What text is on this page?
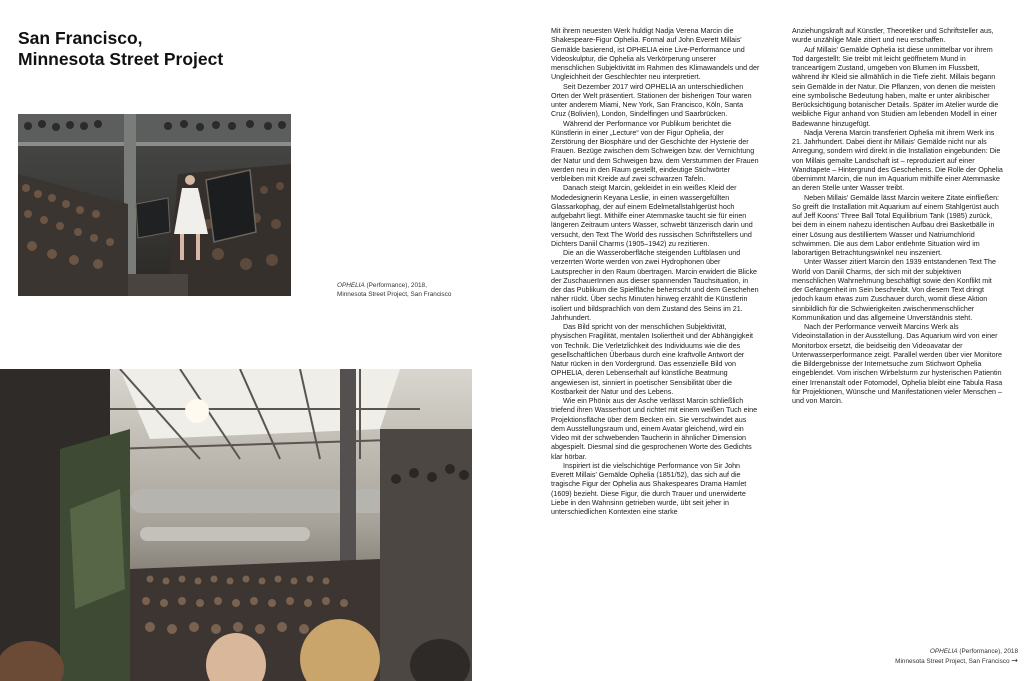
San Francisco,
Minnesota Street Project
OPHELIA (Performance), 2018,
Minnesota Street Project, San Francisco

Mit ihrem neuesten Werk huldigt Nadja Verena Marcin die Shakespeare-Figur Ophelia. Formal auf John Everett Millais' Gemälde basierend, ist OPHELIA eine Live-Performance und Videoskulptur, die Ophelia als Verkörperung unserer menschlichen Subjektivität im Rahmen des Klimawandels und der Ungleichheit der Geschlechter neu interpretiert.

Seit Dezember 2017 wird OPHELIA an unterschiedlichen Orten der Welt präsentiert. Stationen der bisherigen Tour waren unter anderem Miami, New York, San Francisco, Köln, Santa Cruz (Bolivien), London, Sindelfingen und Saarbrücken.

Während der Performance vor Publikum berichtet die Künstlerin in einer „Lecture“ von der Figur Ophelia, der Zerstörung der Biosphäre und der Geschichte der Hysterie der Frauen. Bezüge zwischen dem Schweigen bzw. der Vernichtung der Natur und dem Schweigen bzw. dem Verstummen der Frauen werden neu in den Raum gestellt, eindeutige Stichwörter verbleiben mit Kreide auf zwei schwarzen Tafeln.

Danach steigt Marcin, gekleidet in ein weißes Kleid der Modedesignerin Keyana Leslie, in einen wassergefüllten Glassarkophag, der auf einem Edelmetallstahlgerüst hoch aufgebahrt liegt. Mithilfe einer Atemmaske taucht sie für einen längeren Zeitraum unters Wasser, schwebt tänzerisch darin und versucht, den Text The World des russischen Schriftstellers und Dichters Daniil Charms (1905–1942) zu rezitieren.

Die an die Wasseroberfläche steigenden Luftblasen und verzerrten Worte werden von zwei Hydrophonen über Lautsprecher in den Raum übertragen. Marcin erwidert die Blicke der ZuschauerInnen aus dieser spannenden Tauchsituation, in der das Publikum die Spielfläche beherrscht und dem Geschehen näher rückt. Über sechs Minuten hinweg erzählt die Künstlerin isoliert und bildsprachlich von dem Zustand des Seins im 21. Jahrhundert.

Das Bild spricht von der menschlichen Subjektivität, physischen Fragilität, mentalen Isoliertheit und der Abhängigkeit von Technik. Die Verletzlichkeit des Individuums wie die des gesellschaftlichen Überbaus durch eine kraftvolle Antwort der Natur rücken in den Vordergrund. Das essenzielle Bild von OPHELIA, deren Lebenserhalt auf künstliche Beatmung angewiesen ist, sinniert in poetischer Sensibilität über die Kostbarkeit der Natur und des Lebens.

Wie ein Phönix aus der Asche verlässt Marcin schließlich triefend ihren Wasserhort und richtet mit einem weißen Tuch eine Projektionsfläche über dem Becken ein. Sie verschwindet aus dem Ausstellungsraum und, einem Avatar gleichend, wird ein Video mit der schwebenden Taucherin in ähnlicher Dimension abgespielt. Diesmal sind die gesprochenen Worte des Gedichts klar hörbar.

Inspiriert ist die vielschichtige Performance von Sir John Everett Millais' Gemälde Ophelia (1851/52), das sich auf die tragische Figur der Ophelia aus Shakespeares Drama Hamlet (1609) bezieht. Diese Figur, die durch Trauer und unerwiderte Liebe in den Wahnsinn getrieben wurde, übt seit jeher in unterschiedlichen Kontexten eine starke

Anziehungskraft auf Künstler, Theoretiker und Schriftsteller aus, wurde unzählige Male zitiert und neu erschaffen.

Auf Millais' Gemälde Ophelia ist diese unmittelbar vor ihrem Tod dargestellt: Sie treibt mit leicht geöffnetem Mund in trancеartigem Zustand, umgeben von Blumen im Flussbett, während ihr Kleid sie allmählich in die Tiefe zieht. Millais begann sein Gemälde in der Natur. Die Pflanzen, von denen die meisten eine symbolische Bedeutung haben, malte er unter akribischer Berücksichtigung botanischer Details. Später im Atelier wurde die weibliche Figur anhand von Studien am lebenden Modell in einer Badewanne hinzugefügt.

Nadja Verena Marcin transferiert Ophelia mit ihrem Werk ins 21. Jahrhundert. Dabei dient ihr Millais' Gemälde nicht nur als Anregung, sondern wird direkt in die Installation eingebunden: Die von Millais gemalte Landschaft ist – reproduziert auf einer Wandtapete – Hintergrund des Geschehens. Die Rolle der Ophelia übernimmt Marcin, die nun im Aquarium mithilfe einer Atemmaske an deren Stelle unter Wasser treibt.

Neben Millais' Gemälde lässt Marcin weitere Zitate einfließen: So greift die Installation mit Aquarium auf einem Stahlgerüst auch auf Jeff Koons' Three Ball Total Equilibrium Tank (1985) zurück, bei dem in einem nahezu identischen Aufbau drei Basketbälle in einer Lösung aus destilliertem Wasser und Natriumchlorid schwimmen. Die aus dem Labor entlehnte Situation wird im laborartigen Betrachtungswinkel neu inszeniert.

Unter Wasser zitiert Marcin den 1939 entstandenen Text The World von Daniil Charms, der sich mit der subjektiven menschlichen Wahrnehmung beschäftigt sowie den Konflikt mit der Gefangenheit im Sein beschreibt. Von diesem Text dringt jedoch kaum etwas zum Zuschauer durch, womit diese Aktion sinnbildlich für die Schwierigkeiten zwischenmenschlicher Kommunikation und das allgemeine Unverständnis steht.

Nach der Performance verweilt Marcins Werk als Videoinstallation in der Ausstellung. Das Aquarium wird von einer Monitorbox ersetzt, die beidseitig den Videoavatar der Unterwasserperformance zeigt. Parallel werden über vier Monitore die Bildergebnisse der Internetsuche zum Stichwort Ophelia eingeblendet. Vom irischen Wirbelsturm zur hysterischen Patientin einer Irrenanstalt oder Fotomodel, Ophelia bleibt eine Tabula Rasa für Projektionen, Wünsche und Manifestationen vieler Menschen – und von Marcin.

OPHELIA (Performance), 2018
Minnesota Street Project, San Francisco →
